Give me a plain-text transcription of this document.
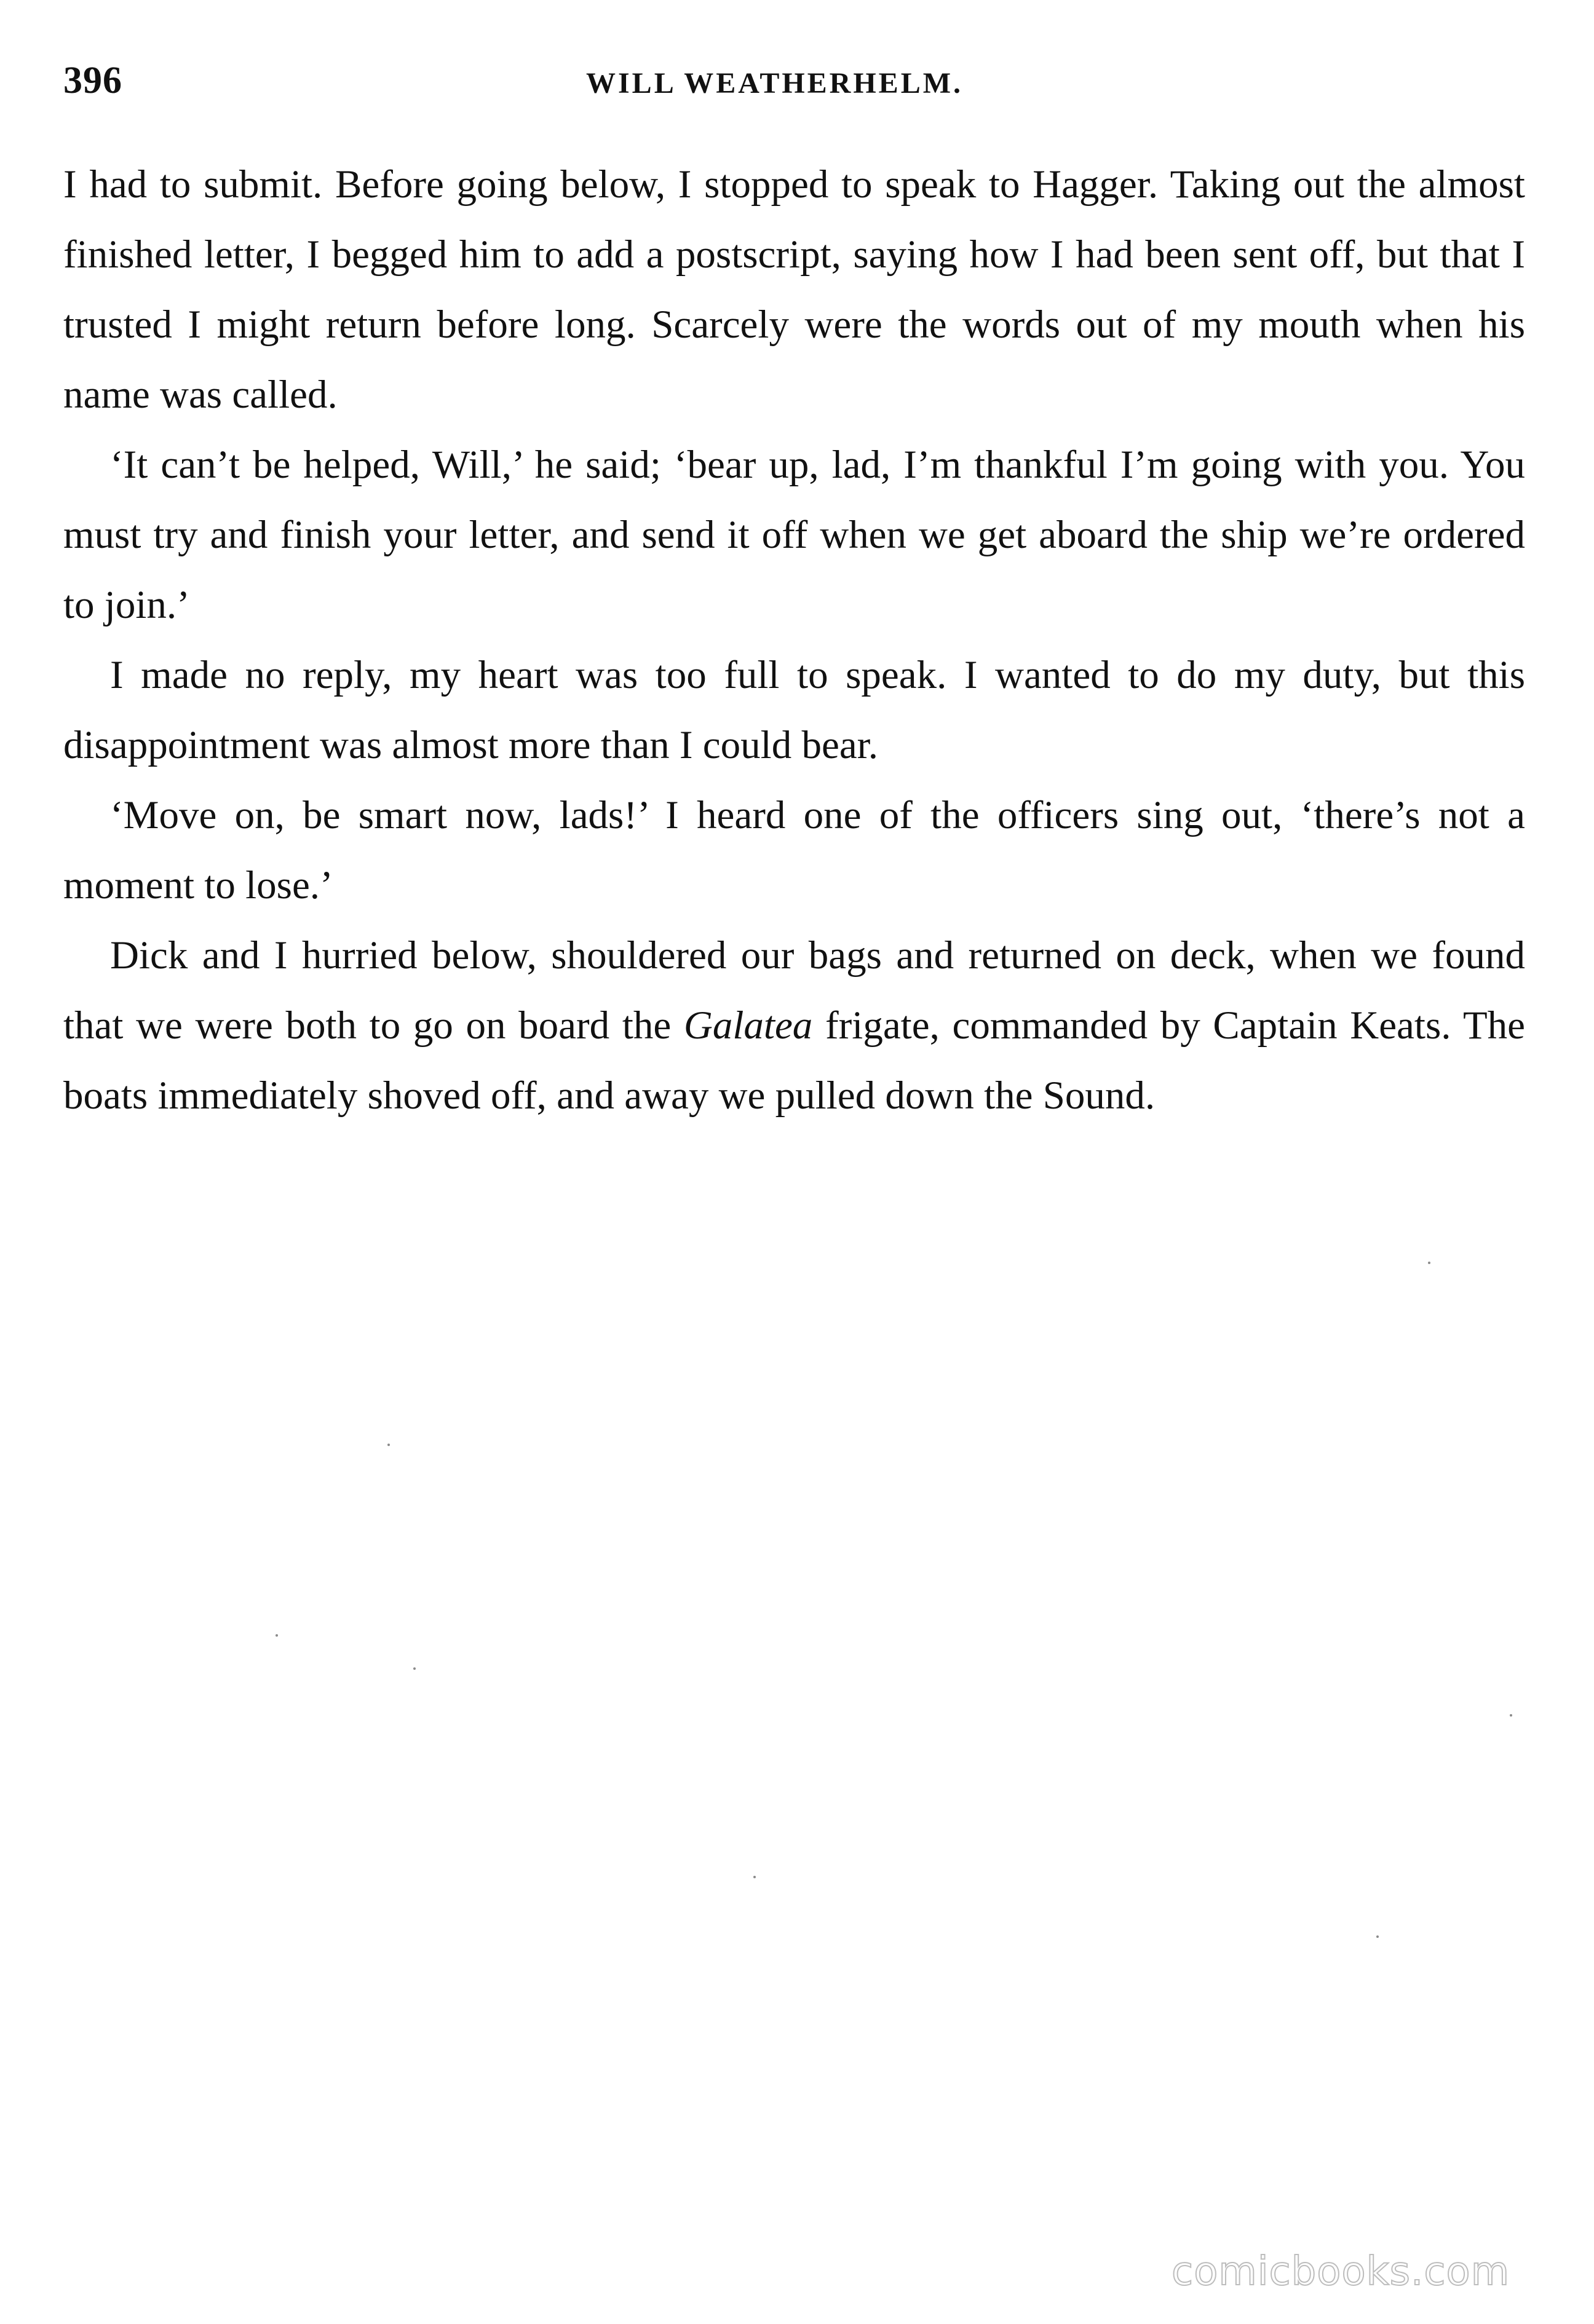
396	WILL WEATHERHELM.

I had to submit. Before going below, I stopped to speak to Hagger. Taking out the almost finished letter, I begged him to add a postscript, saying how I had been sent off, but that I trusted I might return before long. Scarcely were the words out of my mouth when his name was called.

‘It can’t be helped, Will,’ he said; ‘bear up, lad, I’m thankful I’m going with you. You must try and finish your letter, and send it off when we get aboard the ship we’re ordered to join.’

I made no reply, my heart was too full to speak. I wanted to do my duty, but this disappointment was almost more than I could bear.

‘Move on, be smart now, lads!’ I heard one of the officers sing out, ‘there’s not a moment to lose.’

Dick and I hurried below, shouldered our bags and returned on deck, when we found that we were both to go on board the Galatea frigate, commanded by Captain Keats. The boats immediately shoved off, and away we pulled down the Sound.

comicbooks.com
